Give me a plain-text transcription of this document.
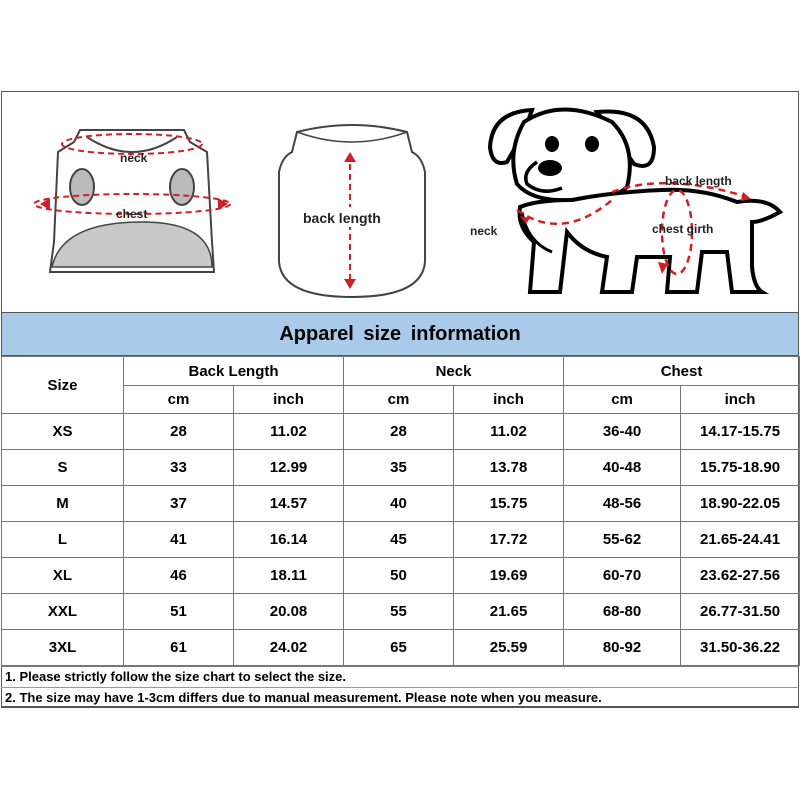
neck
chest	back length
back length
neck	chest girth
Apparel size information
Size	Back Length		Neck		Chest	
	cm	inch	cm	inch	cm	inch
XS	28	11.02	28	11.02	36-40	14.17-15.75
S	33	12.99	35	13.78	40-48	15.75-18.90
M	37	14.57	40	15.75	48-56	18.90-22.05
L	41	16.14	45	17.72	55-62	21.65-24.41
XL	46	18.11	50	19.69	60-70	23.62-27.56
XXL	51	20.08	55	21.65	68-80	26.77-31.50
3XL	61	24.02	65	25.59	80-92	31.50-36.22
1. Please strictly follow the size chart to select the size.
2. The size may have 1-3cm differs due to manual measurement. Please note when you measure.
